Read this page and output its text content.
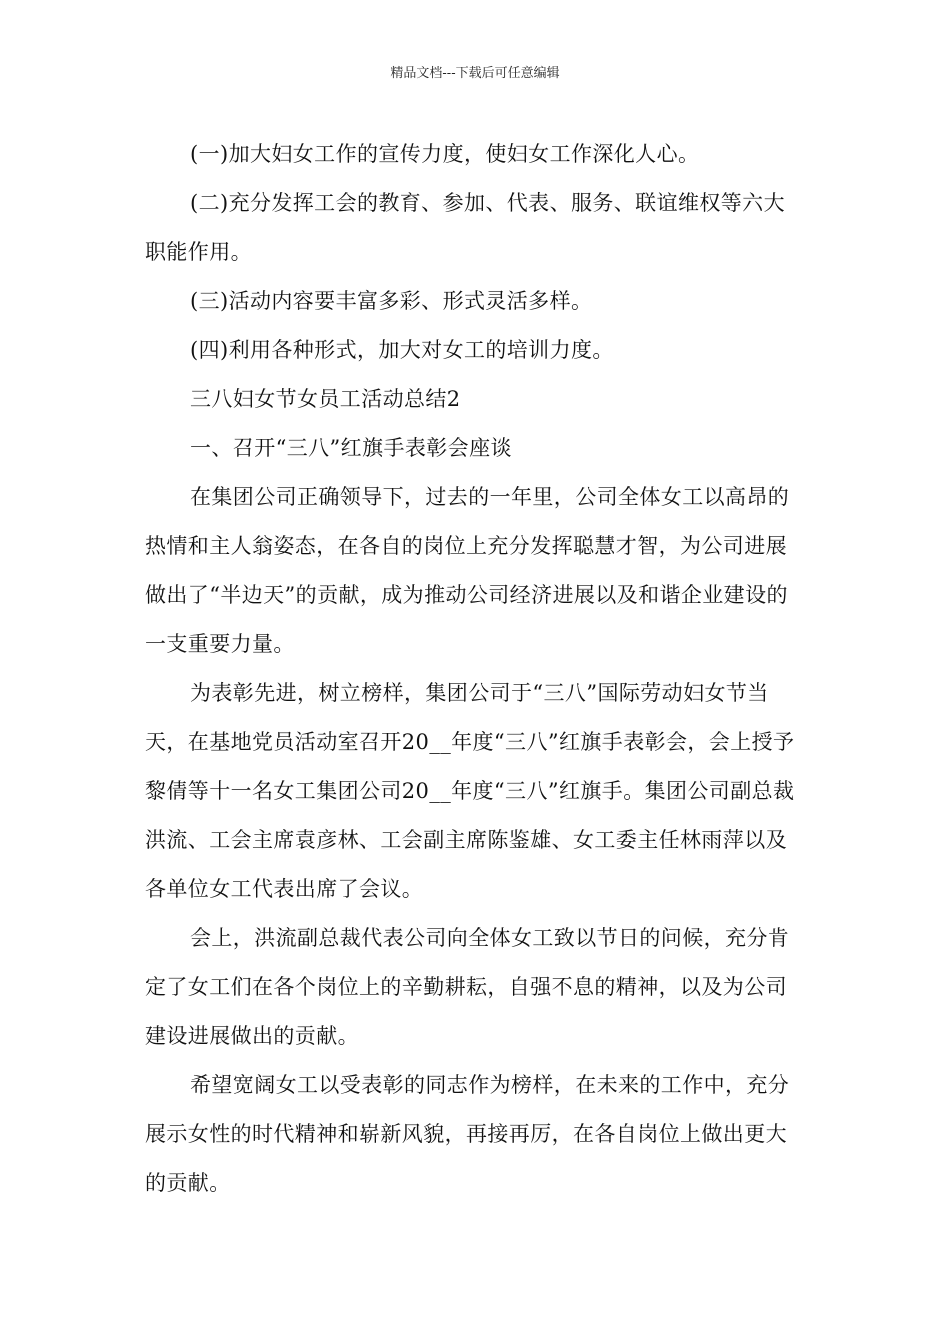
精品文档---下载后可任意编辑

(一)加大妇女工作的宣传力度，使妇女工作深化人心。

(二)充分发挥工会的教育、参加、代表、服务、联谊维权等六大职能作用。

(三)活动内容要丰富多彩、形式灵活多样。

(四)利用各种形式，加大对女工的培训力度。

三八妇女节女员工活动总结2

一、召开“三八”红旗手表彰会座谈

在集团公司正确领导下，过去的一年里，公司全体女工以高昂的热情和主人翁姿态，在各自的岗位上充分发挥聪慧才智，为公司进展做出了“半边天”的贡献，成为推动公司经济进展以及和谐企业建设的一支重要力量。

为表彰先进，树立榜样，集团公司于“三八”国际劳动妇女节当天，在基地党员活动室召开20__年度“三八”红旗手表彰会，会上授予黎倩等十一名女工集团公司20__年度“三八”红旗手。集团公司副总裁洪流、工会主席袁彦林、工会副主席陈鉴雄、女工委主任林雨萍以及各单位女工代表出席了会议。

会上，洪流副总裁代表公司向全体女工致以节日的问候，充分肯定了女工们在各个岗位上的辛勤耕耘，自强不息的精神，以及为公司建设进展做出的贡献。

希望宽阔女工以受表彰的同志作为榜样，在未来的工作中，充分展示女性的时代精神和崭新风貌，再接再厉，在各自岗位上做出更大的贡献。
